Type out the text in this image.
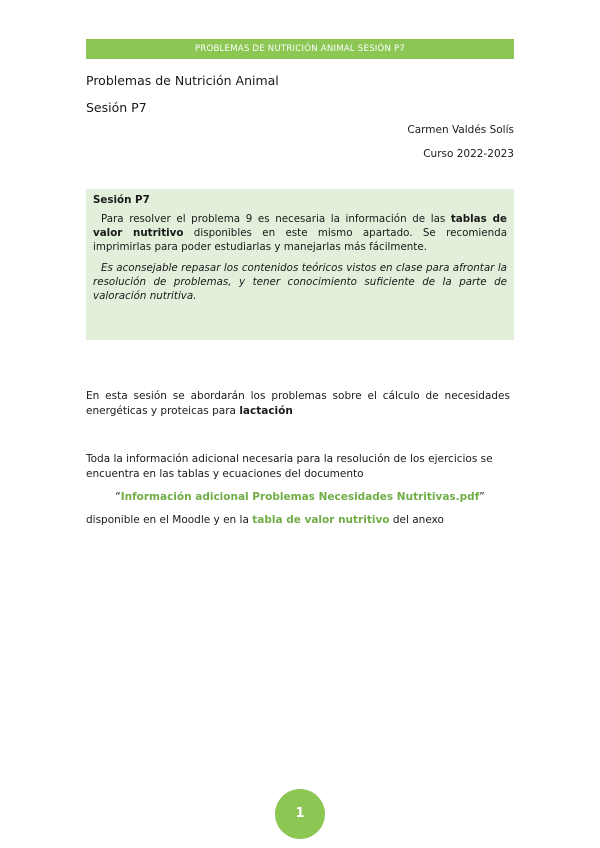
PROBLEMAS DE NUTRICIÓN ANIMAL SESIÓN P7
Problemas de Nutrición Animal
Sesión P7
Carmen Valdés Solís
Curso 2022-2023
Sesión P7

Para resolver el problema 9 es necesaria la información de las tablas de valor nutritivo disponibles en este mismo apartado. Se recomienda imprimirlas para poder estudiarlas y manejarlas más fácilmente.

Es aconsejable repasar los contenidos teóricos vistos en clase para afrontar la resolución de problemas, y tener conocimiento suficiente de la parte de valoración nutritiva.

En esta sesión se abordarán los problemas sobre el cálculo de necesidades energéticas y proteicas para lactación

Toda la información adicional necesaria para la resolución de los ejercicios se encuentra en las tablas y ecuaciones del documento

“Información adicional Problemas Necesidades Nutritivas.pdf”
disponible en el Moodle y en la tabla de valor nutritivo del anexo
1
